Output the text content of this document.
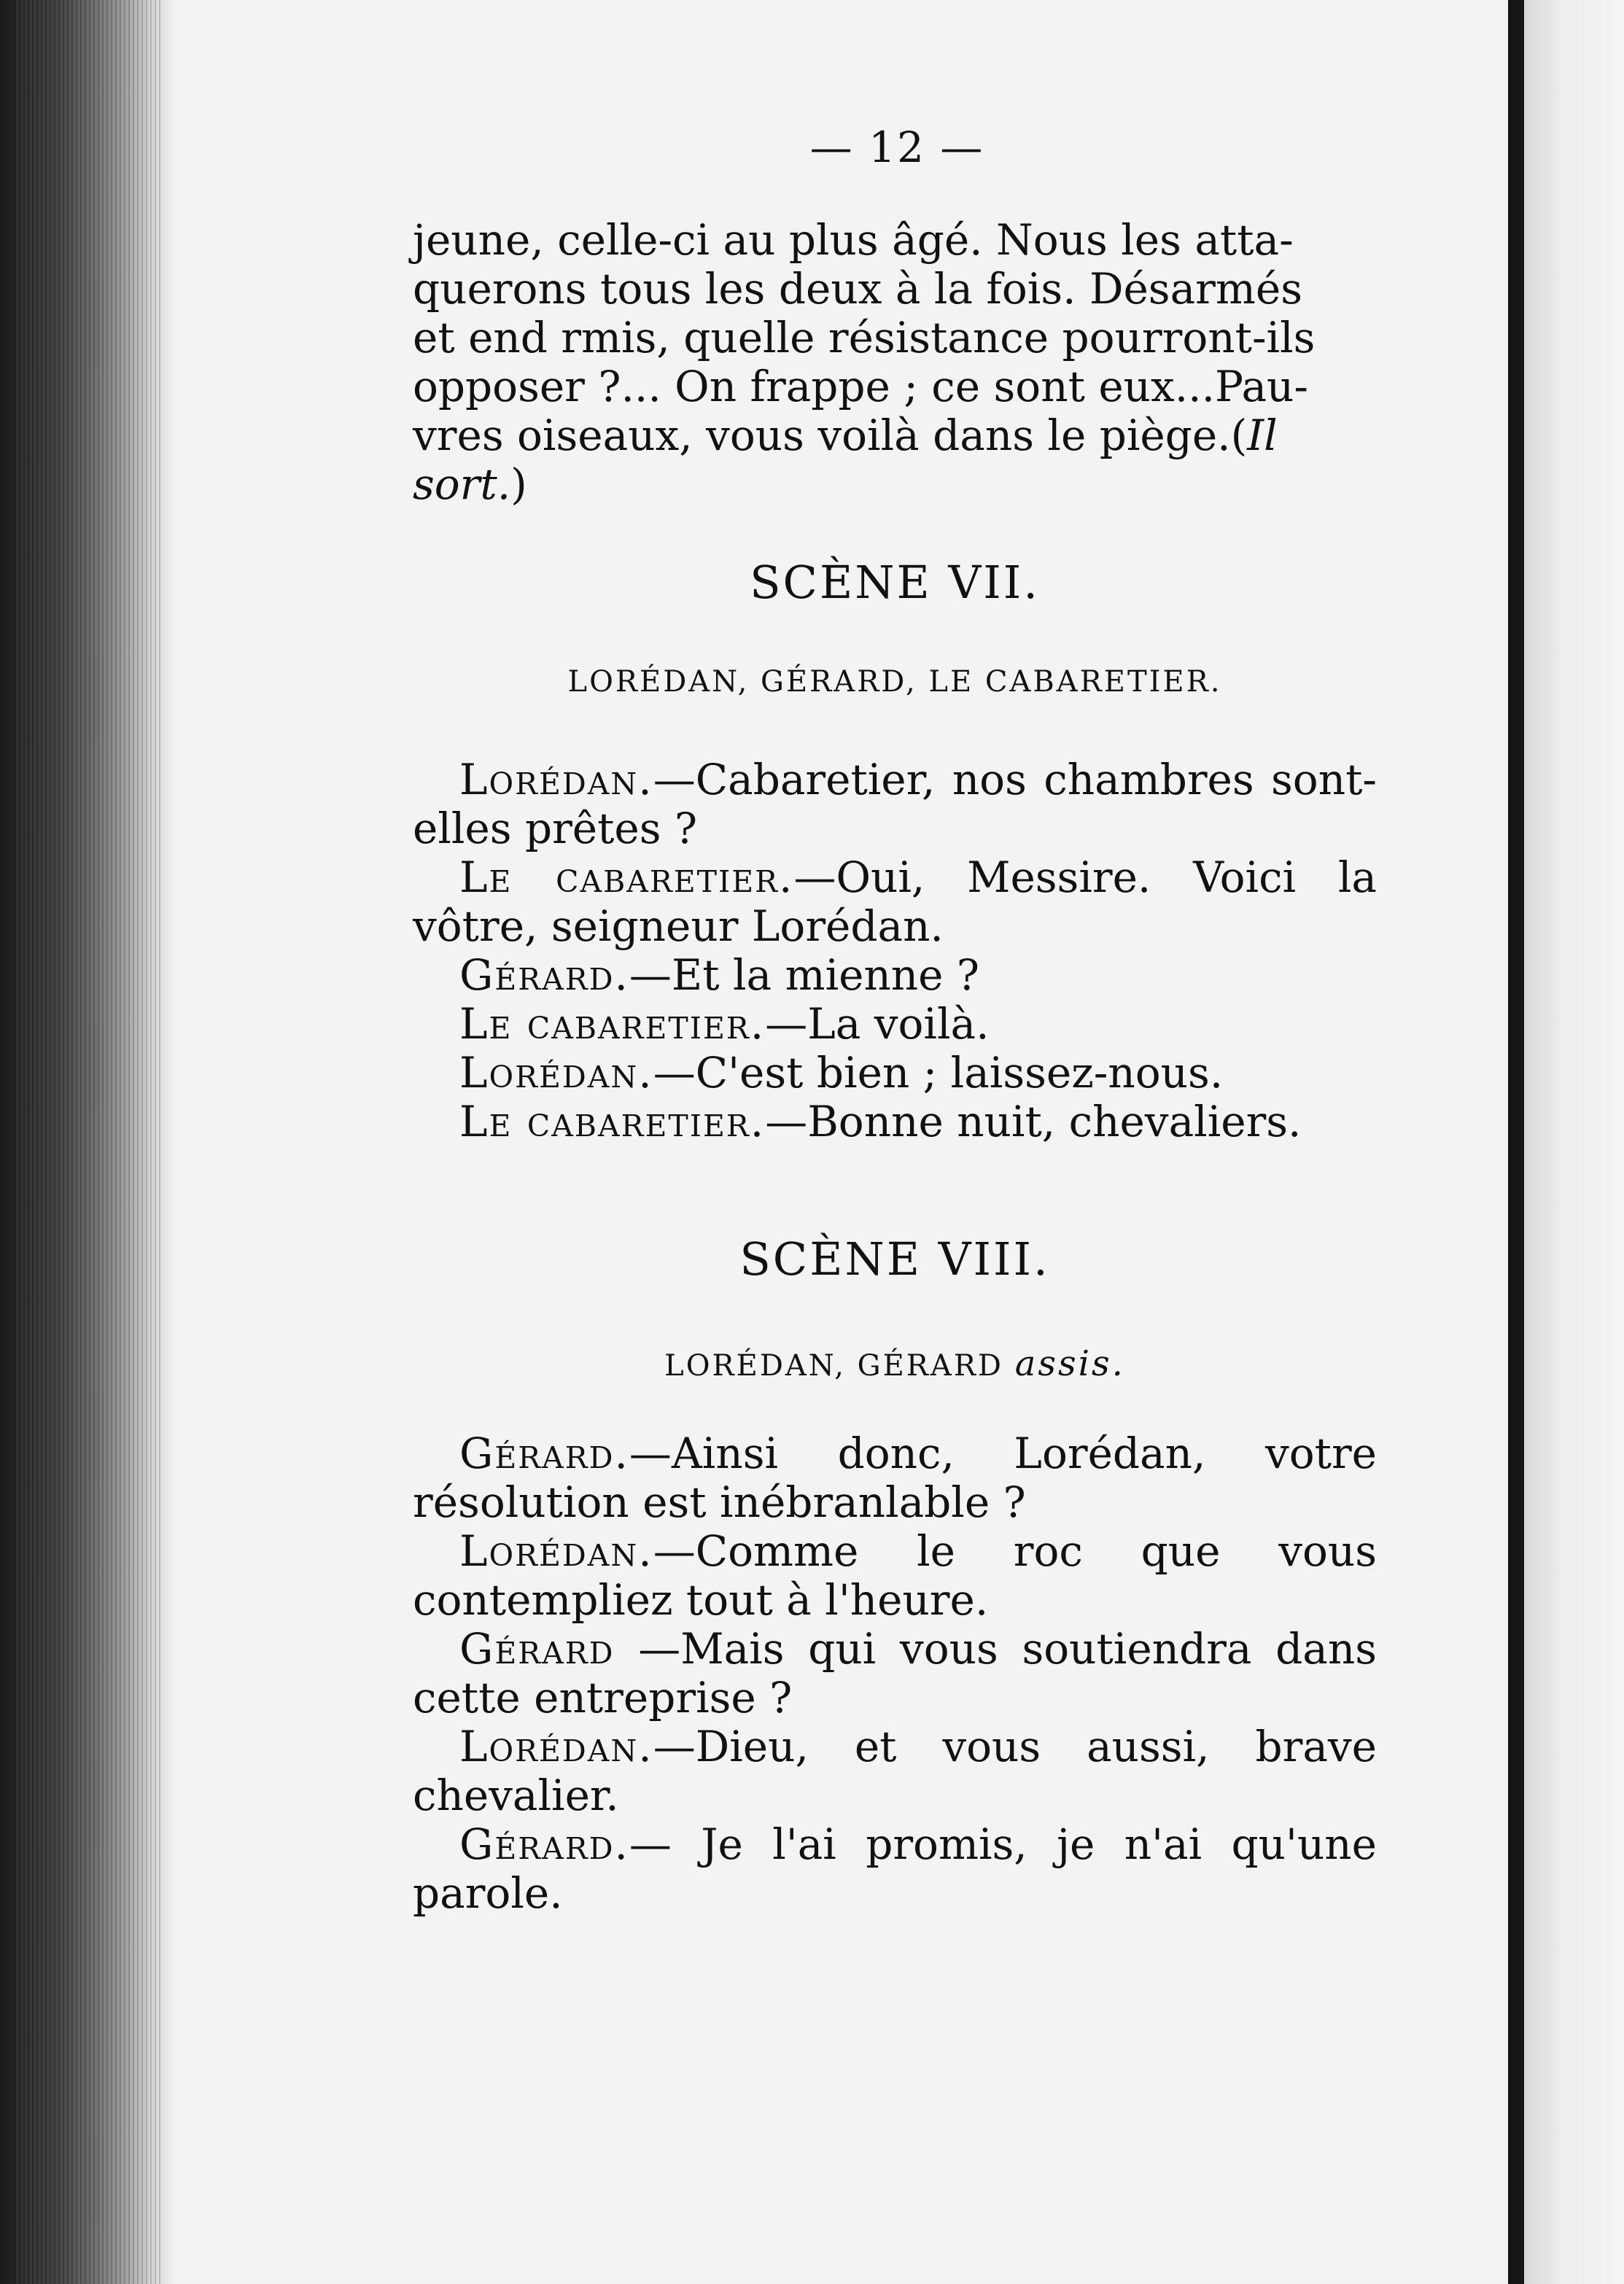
— 12 —

jeune, celle-ci au plus âgé. Nous les atta-

querons tous les deux à la fois. Désarmés

et end rmis, quelle résistance pourront-ils

opposer ?... On frappe ; ce sont eux...Pau-

vres oiseaux, vous voilà dans le piège.(Il

sort.)

SCÈNE VII.
LORÉDAN, GÉRARD, LE CABARETIER.

Lorédan.—Cabaretier, nos chambres sont-elles prêtes ?

Le cabaretier.—Oui, Messire. Voici la vôtre, seigneur Lorédan.

Gérard.—Et la mienne ?

Le cabaretier.—La voilà.

Lorédan.—C'est bien ; laissez-nous.

Le cabaretier.—Bonne nuit, chevaliers.

SCÈNE VIII.
LORÉDAN, GÉRARD assis.

Gérard.—Ainsi donc, Lorédan, votre résolution est inébranlable ?

Lorédan.—Comme le roc que vous contempliez tout à l'heure.

Gérard —Mais qui vous soutiendra dans cette entreprise ?

Lorédan.—Dieu, et vous aussi, brave chevalier.

Gérard.— Je l'ai promis, je n'ai qu'une parole.
